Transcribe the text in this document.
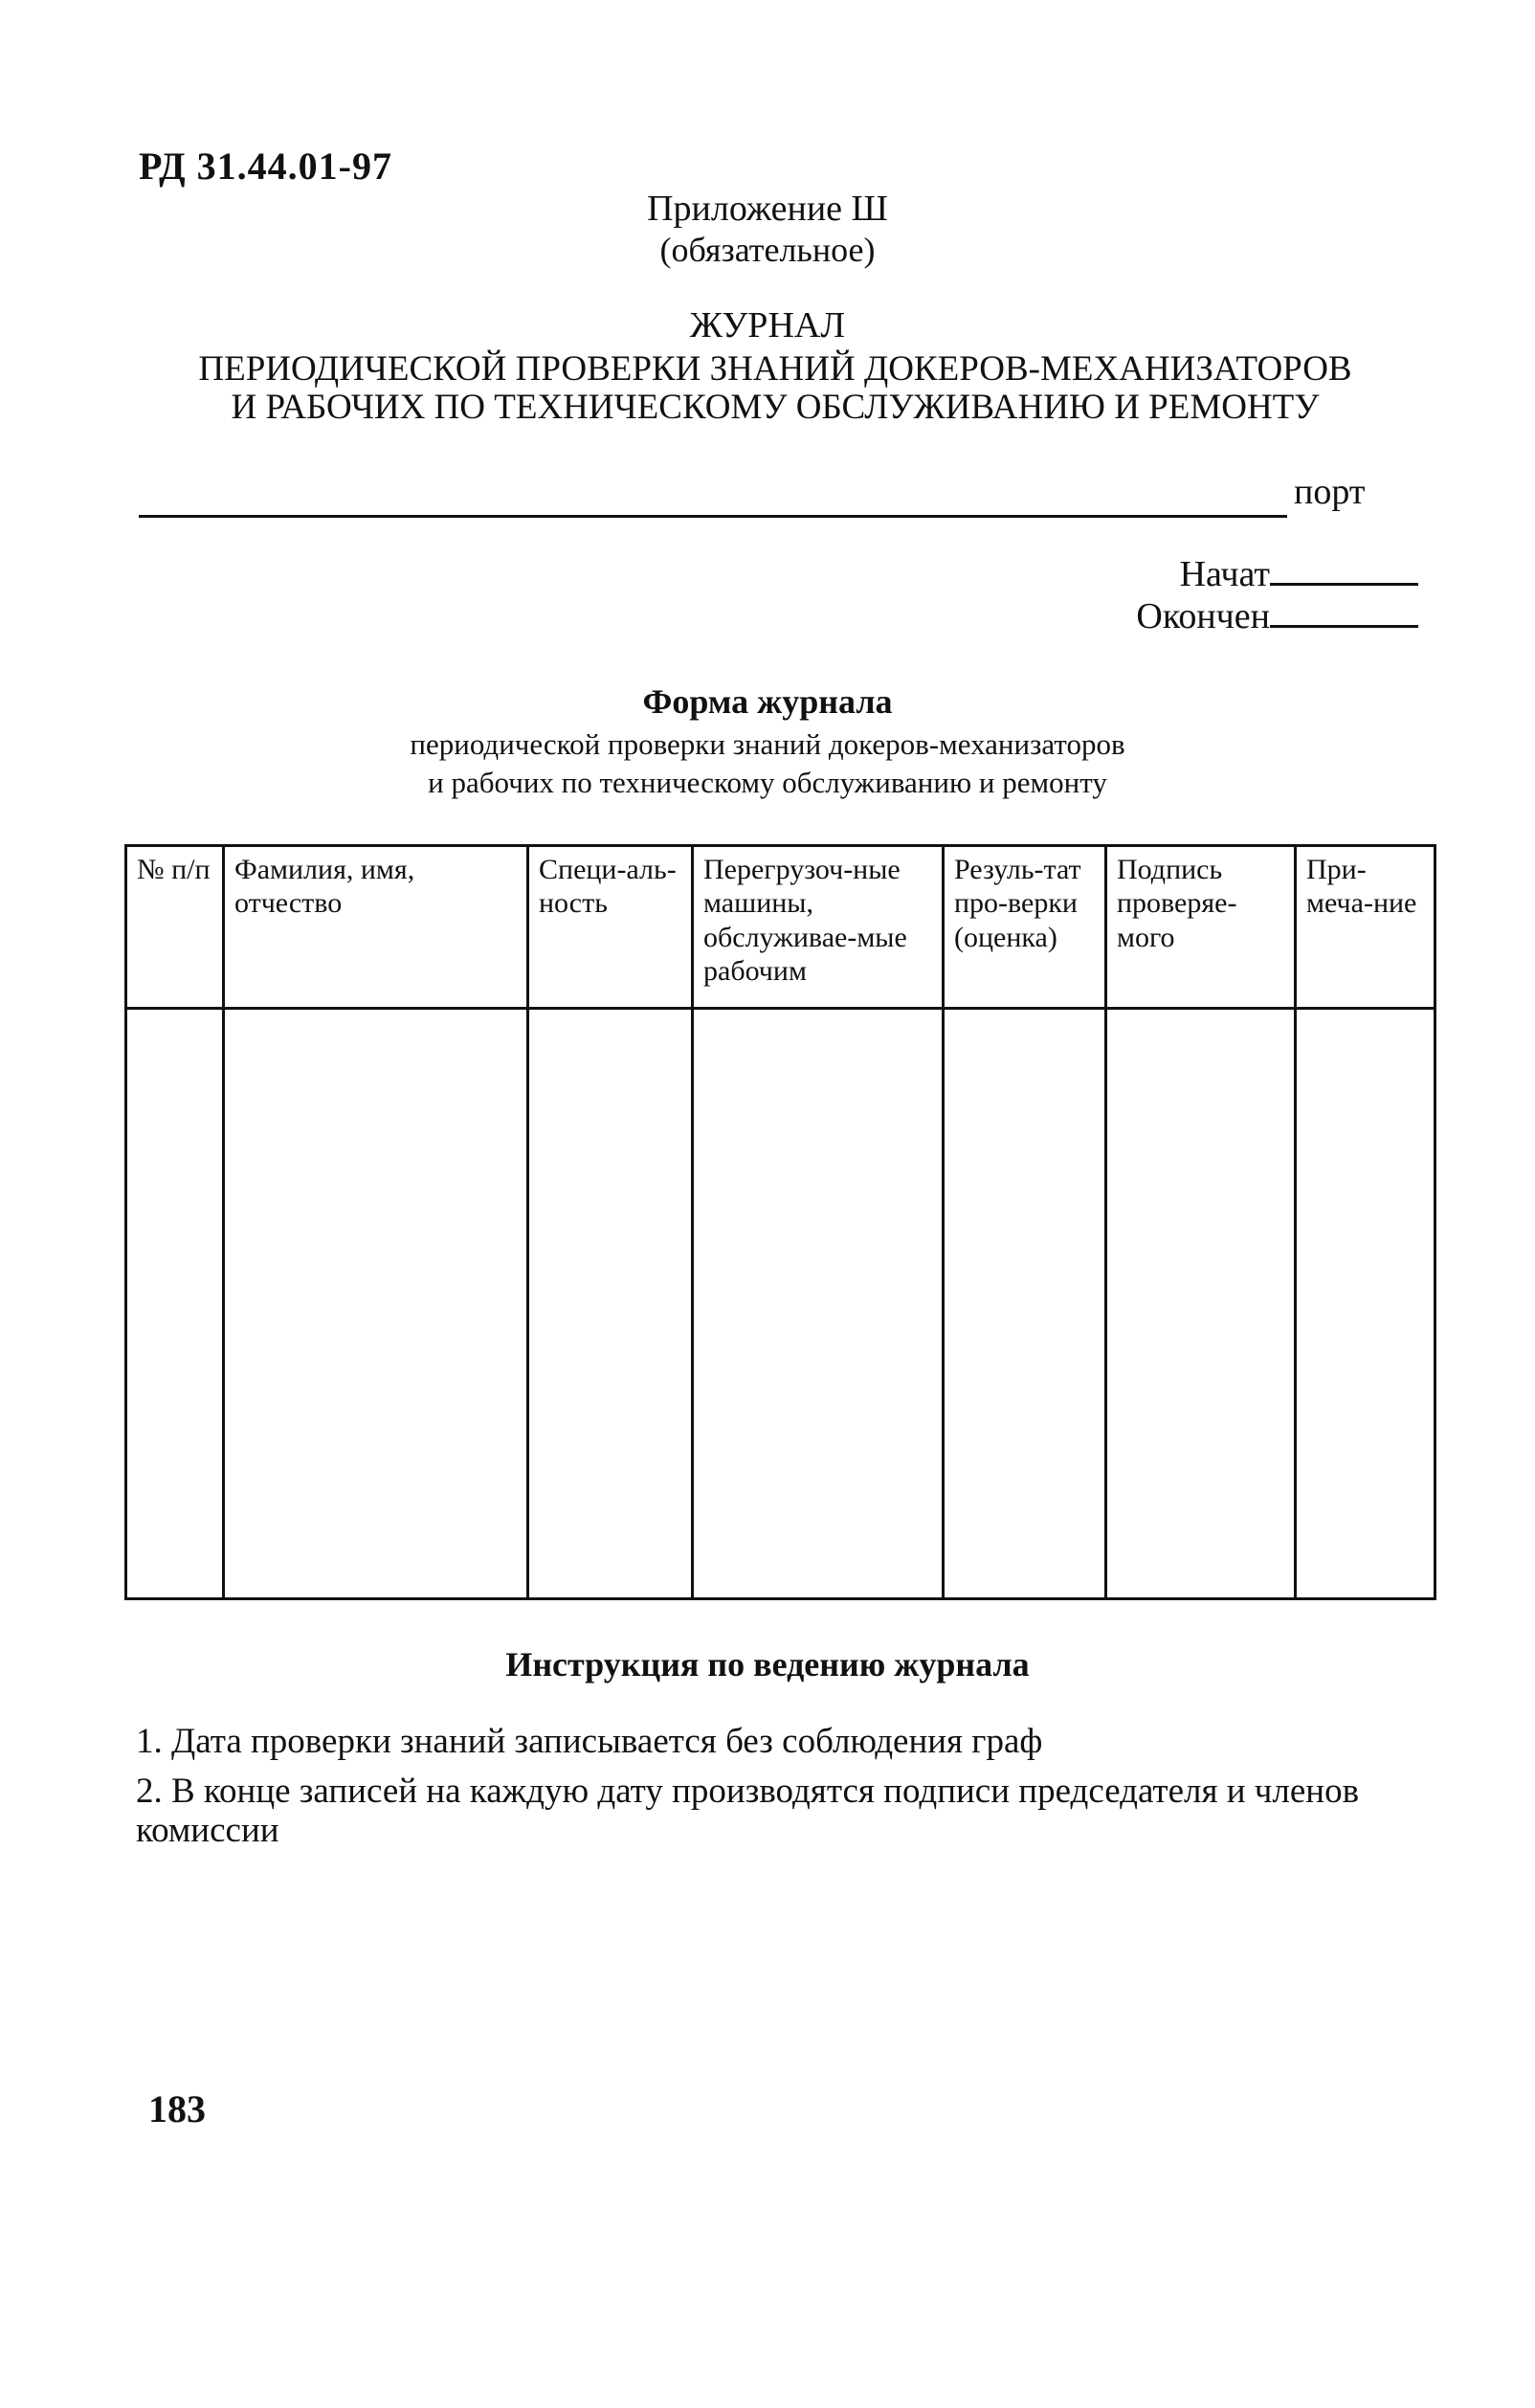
РД 31.44.01-97
Приложение Ш
(обязательное)
ЖУРНАЛ
ПЕРИОДИЧЕСКОЙ ПРОВЕРКИ ЗНАНИЙ ДОКЕРОВ-МЕХАНИЗАТОРОВ
И РАБОЧИХ ПО ТЕХНИЧЕСКОМУ ОБСЛУЖИВАНИЮ И РЕМОНТУ
порт
Начат
Окончен
Форма журнала
периодической проверки знаний докеров-механизаторов
и рабочих по техническому обслуживанию и ремонту
№ п/п	Фамилия, имя, отчество	Специ-аль-ность	Перегрузоч-ные машины, обслуживае-мые рабочим	Резуль-тат про-верки (оценка)	Подпись проверяе-мого	При-меча-ние

Инструкция по ведению журнала
1. Дата проверки знаний записывается без соблюдения граф
2. В конце записей на каждую дату производятся подписи председателя и членов комиссии
183
